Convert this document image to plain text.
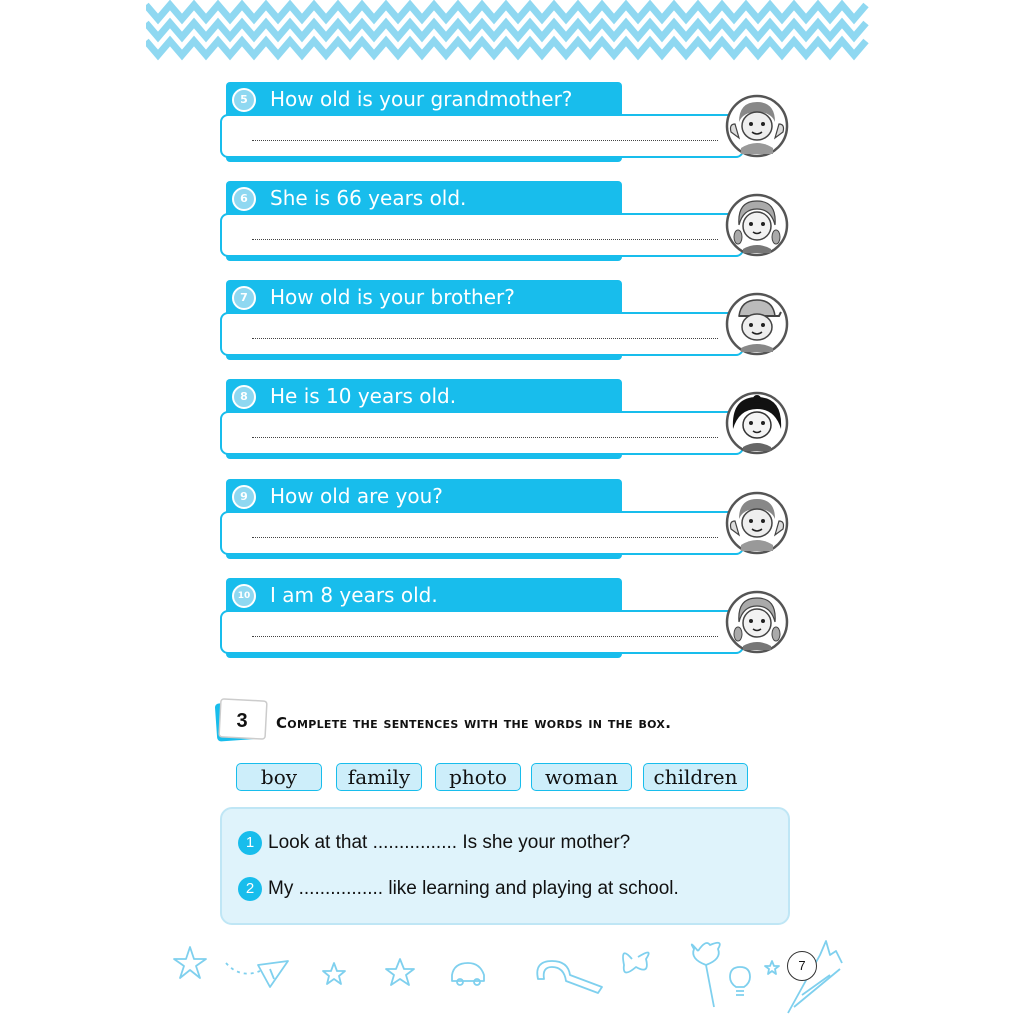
5	How old is your grandmother?
6	She is 66 years old.
7	How old is your brother?
8	He is 10 years old.
9	How old are you?
10 I am 8 years old.
3 Complete the sentences with the words in the box.
boy	family	photo	woman	children
1 Look at that ................ Is she your mother?
2 My ................ like learning and playing at school.
7
